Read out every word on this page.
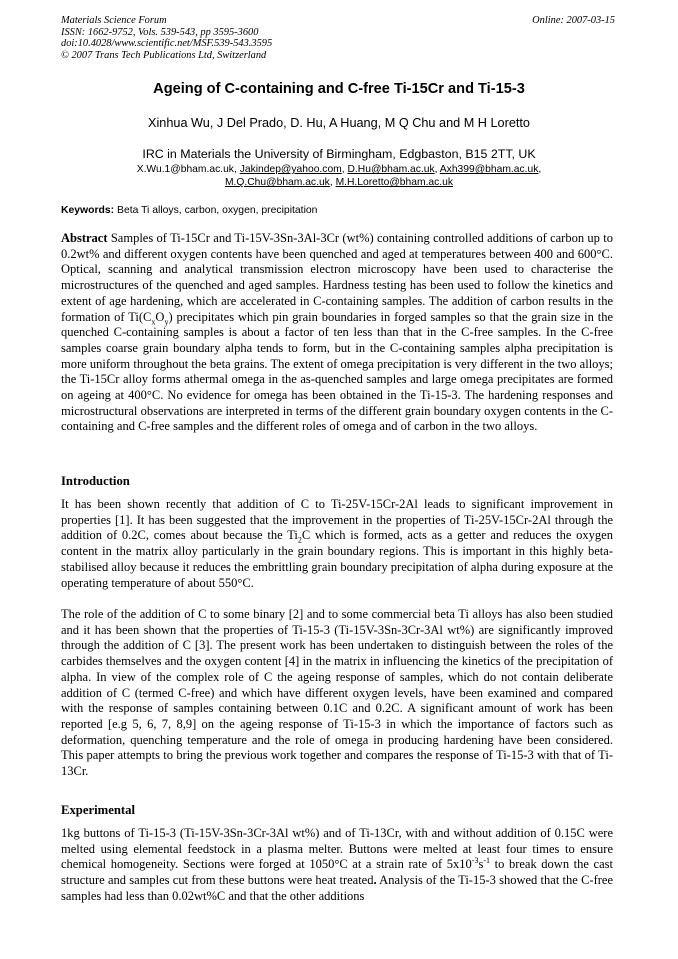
Materials Science Forum
ISSN: 1662-9752, Vols. 539-543, pp 3595-3600
doi:10.4028/www.scientific.net/MSF.539-543.3595
© 2007 Trans Tech Publications Ltd, Switzerland
Online: 2007-03-15
Ageing of C-containing and C-free Ti-15Cr and Ti-15-3
Xinhua Wu, J Del Prado, D. Hu, A Huang, M Q Chu and M H Loretto
IRC in Materials the University of Birmingham, Edgbaston, B15 2TT, UK
X.Wu.1@bham.ac.uk, Jakindep@yahoo.com, D.Hu@bham.ac.uk, Axh399@bham.ac.uk,
M.Q.Chu@bham.ac.uk, M.H.Loretto@bham.ac.uk
Keywords: Beta Ti alloys, carbon, oxygen, precipitation
Abstract Samples of Ti-15Cr and Ti-15V-3Sn-3Al-3Cr (wt%) containing controlled additions of carbon up to 0.2wt% and different oxygen contents have been quenched and aged at temperatures between 400 and 600°C. Optical, scanning and analytical transmission electron microscopy have been used to characterise the microstructures of the quenched and aged samples. Hardness testing has been used to follow the kinetics and extent of age hardening, which are accelerated in C-containing samples. The addition of carbon results in the formation of $Ti(C_xO_y)$ precipitates which pin grain boundaries in forged samples so that the grain size in the quenched C-containing samples is about a factor of ten less than that in the C-free samples. In the C-free samples coarse grain boundary alpha tends to form, but in the C-containing samples alpha precipitation is more uniform throughout the beta grains. The extent of omega precipitation is very different in the two alloys; the Ti-15Cr alloy forms athermal omega in the as-quenched samples and large omega precipitates are formed on ageing at 400°C. No evidence for omega has been obtained in the Ti-15-3. The hardening responses and microstructural observations are interpreted in terms of the different grain boundary oxygen contents in the C-containing and C-free samples and the different roles of omega and of carbon in the two alloys.
Introduction
It has been shown recently that addition of C to Ti-25V-15Cr-2Al leads to significant improvement in properties [1]. It has been suggested that the improvement in the properties of Ti-25V-15Cr-2Al through the addition of 0.2C, comes about because the $Ti_2C$ which is formed, acts as a getter and reduces the oxygen content in the matrix alloy particularly in the grain boundary regions. This is important in this highly beta-stabilised alloy because it reduces the embrittling grain boundary precipitation of alpha during exposure at the operating temperature of about 550°C.
The role of the addition of C to some binary [2] and to some commercial beta Ti alloys has also been studied and it has been shown that the properties of Ti-15-3 (Ti-15V-3Sn-3Cr-3Al wt%) are significantly improved through the addition of C [3]. The present work has been undertaken to distinguish between the roles of the carbides themselves and the oxygen content [4] in the matrix in influencing the kinetics of the precipitation of alpha. In view of the complex role of C the ageing response of samples, which do not contain deliberate addition of C (termed C-free) and which have different oxygen levels, have been examined and compared with the response of samples containing between 0.1C and 0.2C. A significant amount of work has been reported [e.g 5, 6, 7, 8,9] on the ageing response of Ti-15-3 in which the importance of factors such as deformation, quenching temperature and the role of omega in producing hardening have been considered. This paper attempts to bring the previous work together and compares the response of Ti-15-3 with that of Ti-13Cr.
Experimental
1kg buttons of Ti-15-3 (Ti-15V-3Sn-3Cr-3Al wt%) and of Ti-13Cr, with and without addition of 0.15C were melted using elemental feedstock in a plasma melter. Buttons were melted at least four times to ensure chemical homogeneity. Sections were forged at 1050°C at a strain rate of $5x10^{-3}s^{-1}$ to break down the cast structure and samples cut from these buttons were heat treated. Analysis of the Ti-15-3 showed that the C-free samples had less than 0.02wt%C and that the other additions
